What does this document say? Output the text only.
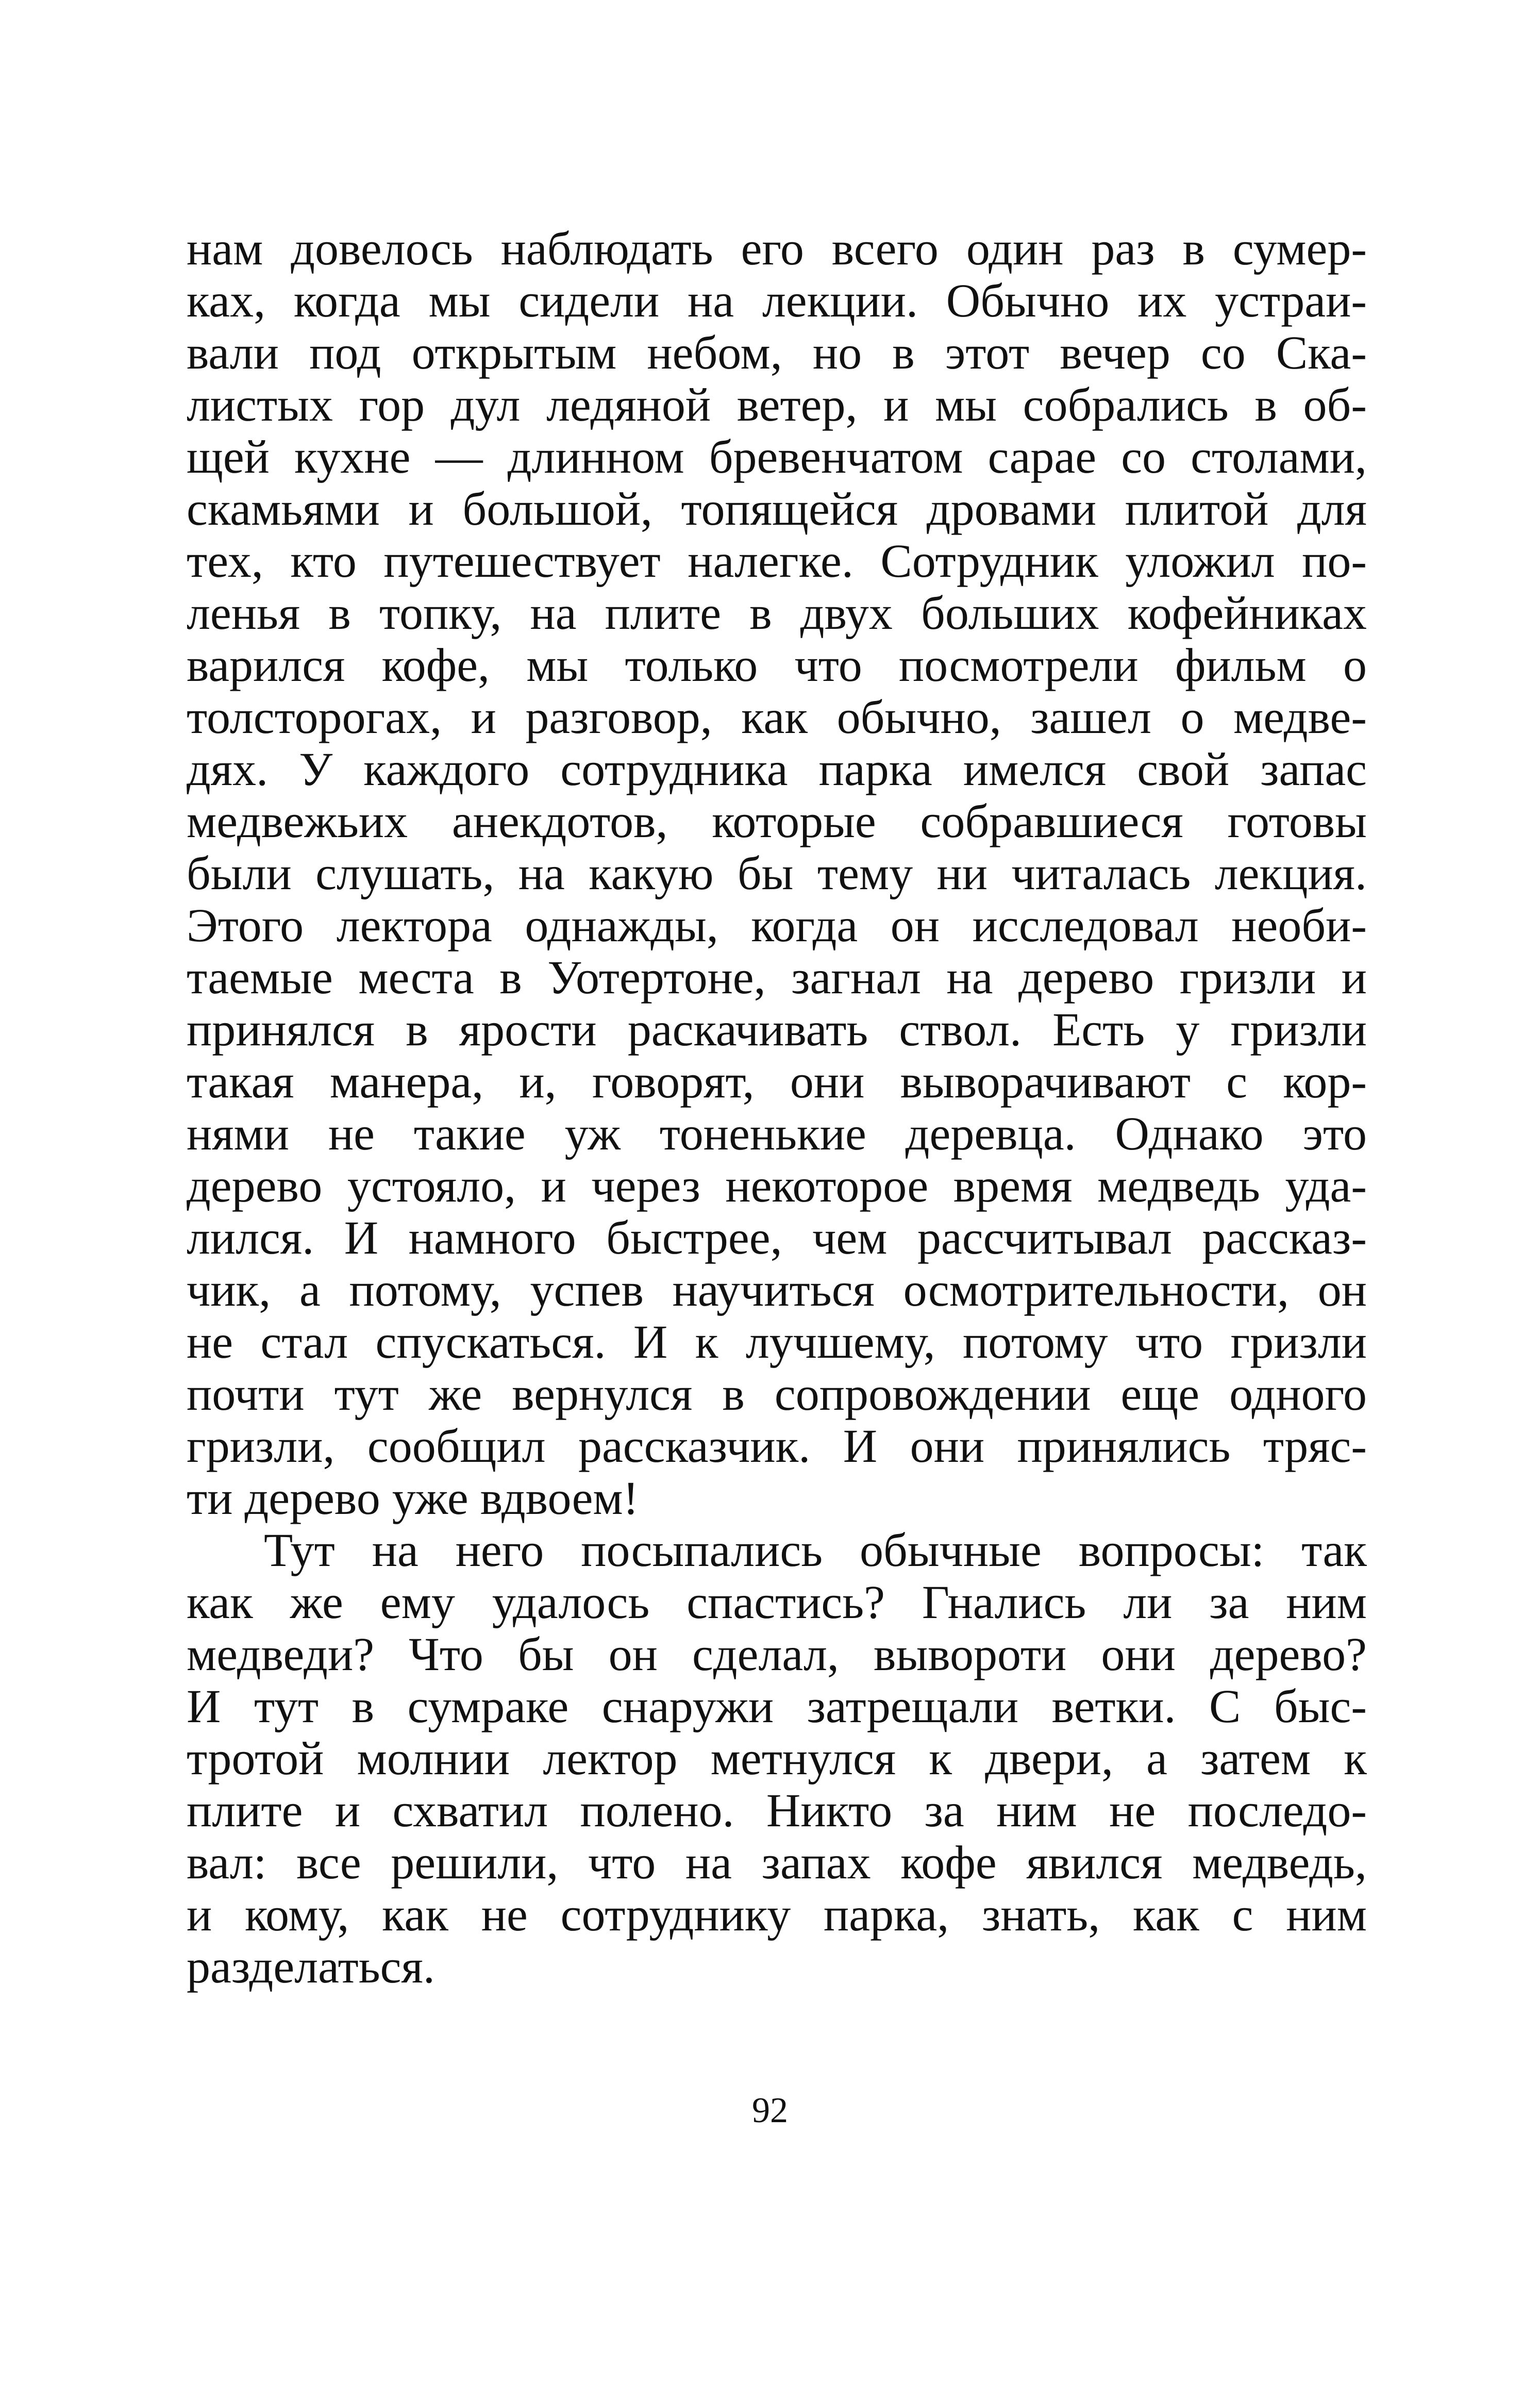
нам довелось наблюдать его всего один раз в сумер-
ках, когда мы сидели на лекции. Обычно их устраи-
вали под открытым небом, но в этот вечер со Ска-
листых гор дул ледяной ветер, и мы собрались в об-
щей кухне — длинном бревенчатом сарае со столами,
скамьями и большой, топящейся дровами плитой для
тех, кто путешествует налегке. Сотрудник уложил по-
ленья в топку, на плите в двух больших кофейниках
варился кофе, мы только что посмотрели фильм о
толсторогах, и разговор, как обычно, зашел о медве-
дях. У каждого сотрудника парка имелся свой запас
медвежьих анекдотов, которые собравшиеся готовы
были слушать, на какую бы тему ни читалась лекция.
Этого лектора однажды, когда он исследовал необи-
таемые места в Уотертоне, загнал на дерево гризли и
принялся в ярости раскачивать ствол. Есть у гризли
такая манера, и, говорят, они выворачивают с кор-
нями не такие уж тоненькие деревца. Однако это
дерево устояло, и через некоторое время медведь уда-
лился. И намного быстрее, чем рассчитывал рассказ-
чик, а потому, успев научиться осмотрительности, он
не стал спускаться. И к лучшему, потому что гризли
почти тут же вернулся в сопровождении еще одного
гризли, сообщил рассказчик. И они принялись тряс-
ти дерево уже вдвоем!
Тут на него посыпались обычные вопросы: так
как же ему удалось спастись? Гнались ли за ним
медведи? Что бы он сделал, вывороти они дерево?
И тут в сумраке снаружи затрещали ветки. С быс-
тротой молнии лектор метнулся к двери, а затем к
плите и схватил полено. Никто за ним не последо-
вал: все решили, что на запах кофе явился медведь,
и кому, как не сотруднику парка, знать, как с ним
разделаться.
92
